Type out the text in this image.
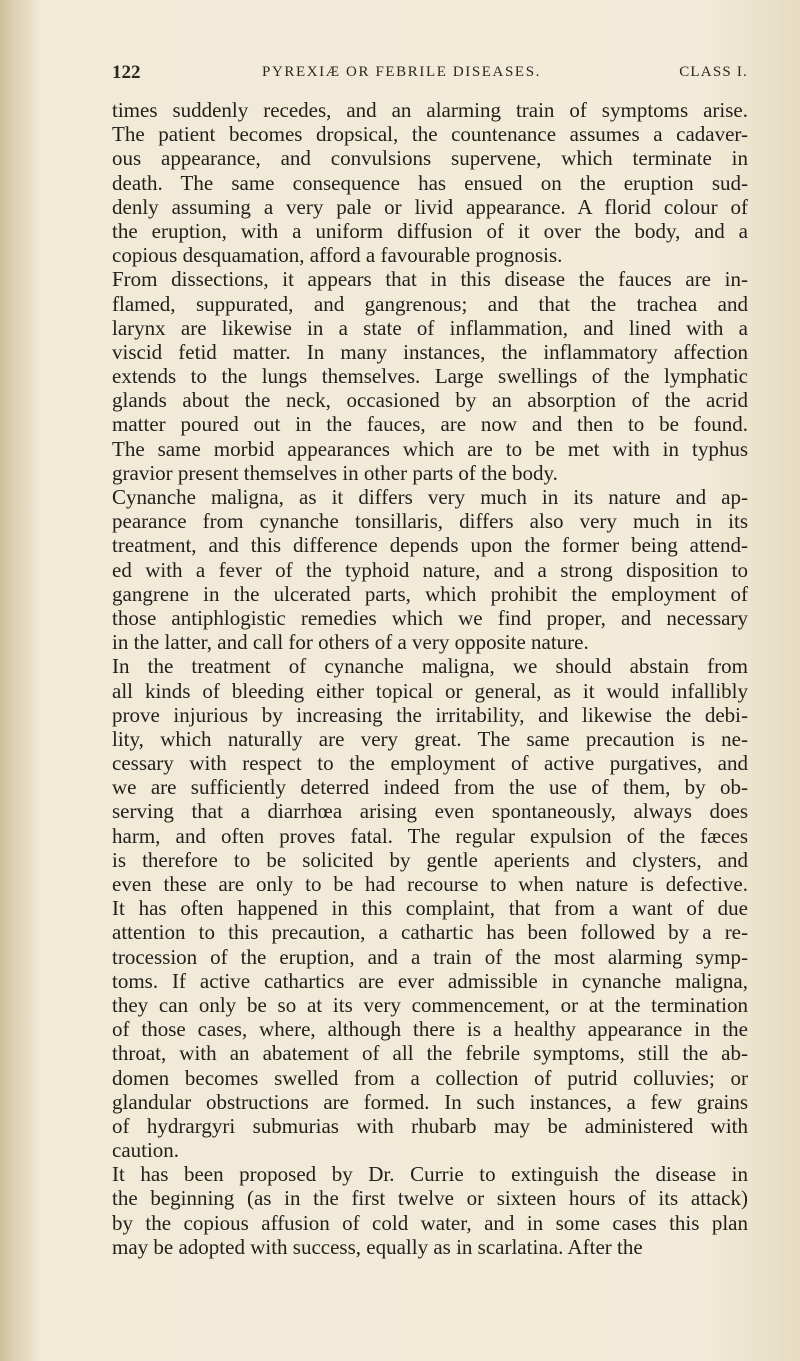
122	PYREXIÆ OR FEBRILE DISEASES.	CLASS I.
times suddenly recedes, and an alarming train of symptoms arise.
The patient becomes dropsical, the countenance assumes a cadaver-
ous appearance, and convulsions supervene, which terminate in
death. The same consequence has ensued on the eruption sud-
denly assuming a very pale or livid appearance. A florid colour of
the eruption, with a uniform diffusion of it over the body, and a
copious desquamation, afford a favourable prognosis.
From dissections, it appears that in this disease the fauces are in-
flamed, suppurated, and gangrenous; and that the trachea and
larynx are likewise in a state of inflammation, and lined with a
viscid fetid matter. In many instances, the inflammatory affection
extends to the lungs themselves. Large swellings of the lymphatic
glands about the neck, occasioned by an absorption of the acrid
matter poured out in the fauces, are now and then to be found.
The same morbid appearances which are to be met with in typhus
gravior present themselves in other parts of the body.
Cynanche maligna, as it differs very much in its nature and ap-
pearance from cynanche tonsillaris, differs also very much in its
treatment, and this difference depends upon the former being attend-
ed with a fever of the typhoid nature, and a strong disposition to
gangrene in the ulcerated parts, which prohibit the employment of
those antiphlogistic remedies which we find proper, and necessary
in the latter, and call for others of a very opposite nature.
In the treatment of cynanche maligna, we should abstain from
all kinds of bleeding either topical or general, as it would infallibly
prove injurious by increasing the irritability, and likewise the debi-
lity, which naturally are very great. The same precaution is ne-
cessary with respect to the employment of active purgatives, and
we are sufficiently deterred indeed from the use of them, by ob-
serving that a diarrhœa arising even spontaneously, always does
harm, and often proves fatal. The regular expulsion of the fæces
is therefore to be solicited by gentle aperients and clysters, and
even these are only to be had recourse to when nature is defective.
It has often happened in this complaint, that from a want of due
attention to this precaution, a cathartic has been followed by a re-
trocession of the eruption, and a train of the most alarming symp-
toms. If active cathartics are ever admissible in cynanche maligna,
they can only be so at its very commencement, or at the termination
of those cases, where, although there is a healthy appearance in the
throat, with an abatement of all the febrile symptoms, still the ab-
domen becomes swelled from a collection of putrid colluvies; or
glandular obstructions are formed. In such instances, a few grains
of hydrargyri submurias with rhubarb may be administered with
caution.
It has been proposed by Dr. Currie to extinguish the disease in
the beginning (as in the first twelve or sixteen hours of its attack)
by the copious affusion of cold water, and in some cases this plan
may be adopted with success, equally as in scarlatina. After the
